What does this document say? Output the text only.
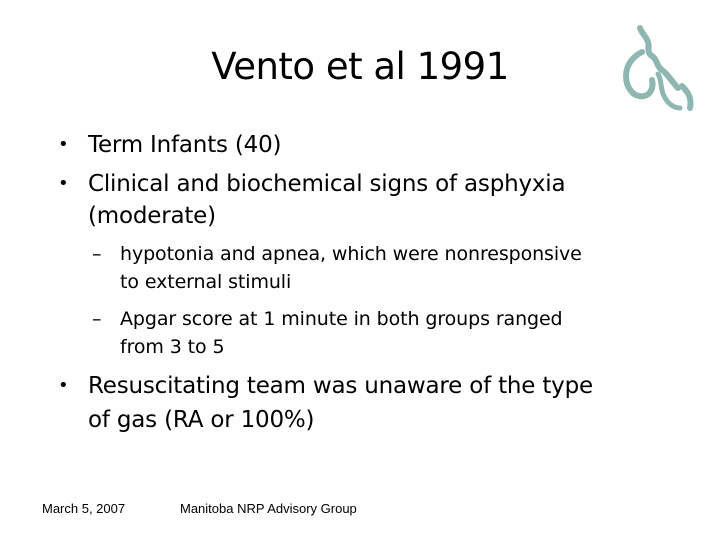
Vento et al 1991
• Term Infants (40)
• Clinical and biochemical signs of asphyxia
(moderate)
– hypotonia and apnea, which were nonresponsive
to external stimuli
– Apgar score at 1 minute in both groups ranged
from 3 to 5
• Resuscitating team was unaware of the type
of gas (RA or 100%)
March 5, 2007	Manitoba NRP Advisory Group
